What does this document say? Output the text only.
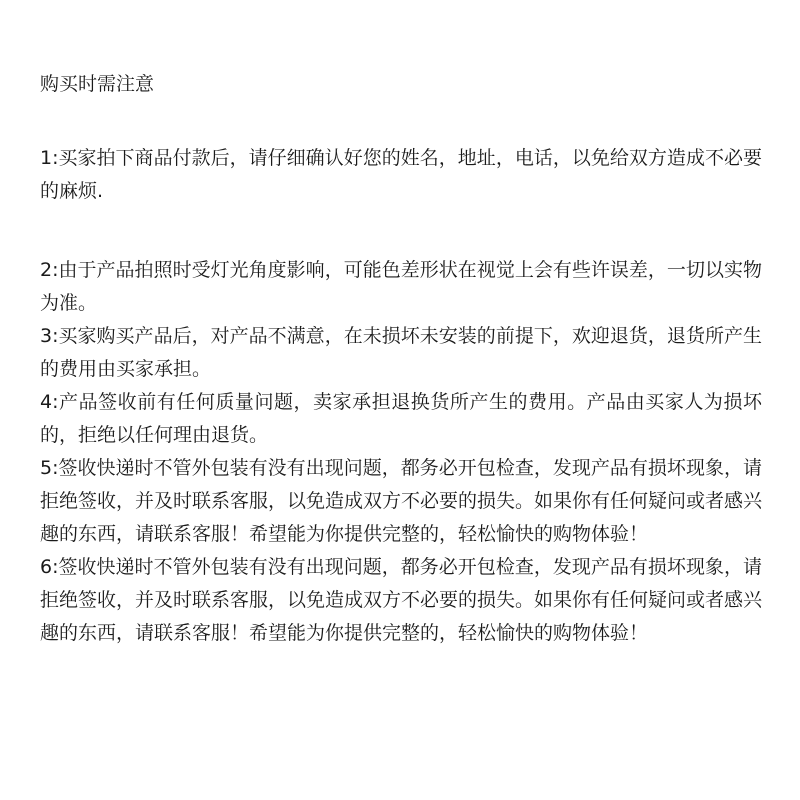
购买时需注意

1:买家拍下商品付款后，请仔细确认好您的姓名，地址，电话，以免给双方造成不必要的麻烦.

2:由于产品拍照时受灯光角度影响，可能色差形状在视觉上会有些许误差，一切以实物为准。

3:买家购买产品后，对产品不满意，在未损坏未安装的前提下，欢迎退货，退货所产生的费用由买家承担。

4:产品签收前有任何质量问题，卖家承担退换货所产生的费用。产品由买家人为损坏的，拒绝以任何理由退货。

5:签收快递时不管外包装有没有出现问题，都务必开包检查，发现产品有损坏现象，请拒绝签收，并及时联系客服，以免造成双方不必要的损失。如果你有任何疑问或者感兴趣的东西，请联系客服！希望能为你提供完整的，轻松愉快的购物体验！

6:签收快递时不管外包装有没有出现问题，都务必开包检查，发现产品有损坏现象，请拒绝签收，并及时联系客服，以免造成双方不必要的损失。如果你有任何疑问或者感兴趣的东西，请联系客服！希望能为你提供完整的，轻松愉快的购物体验！
